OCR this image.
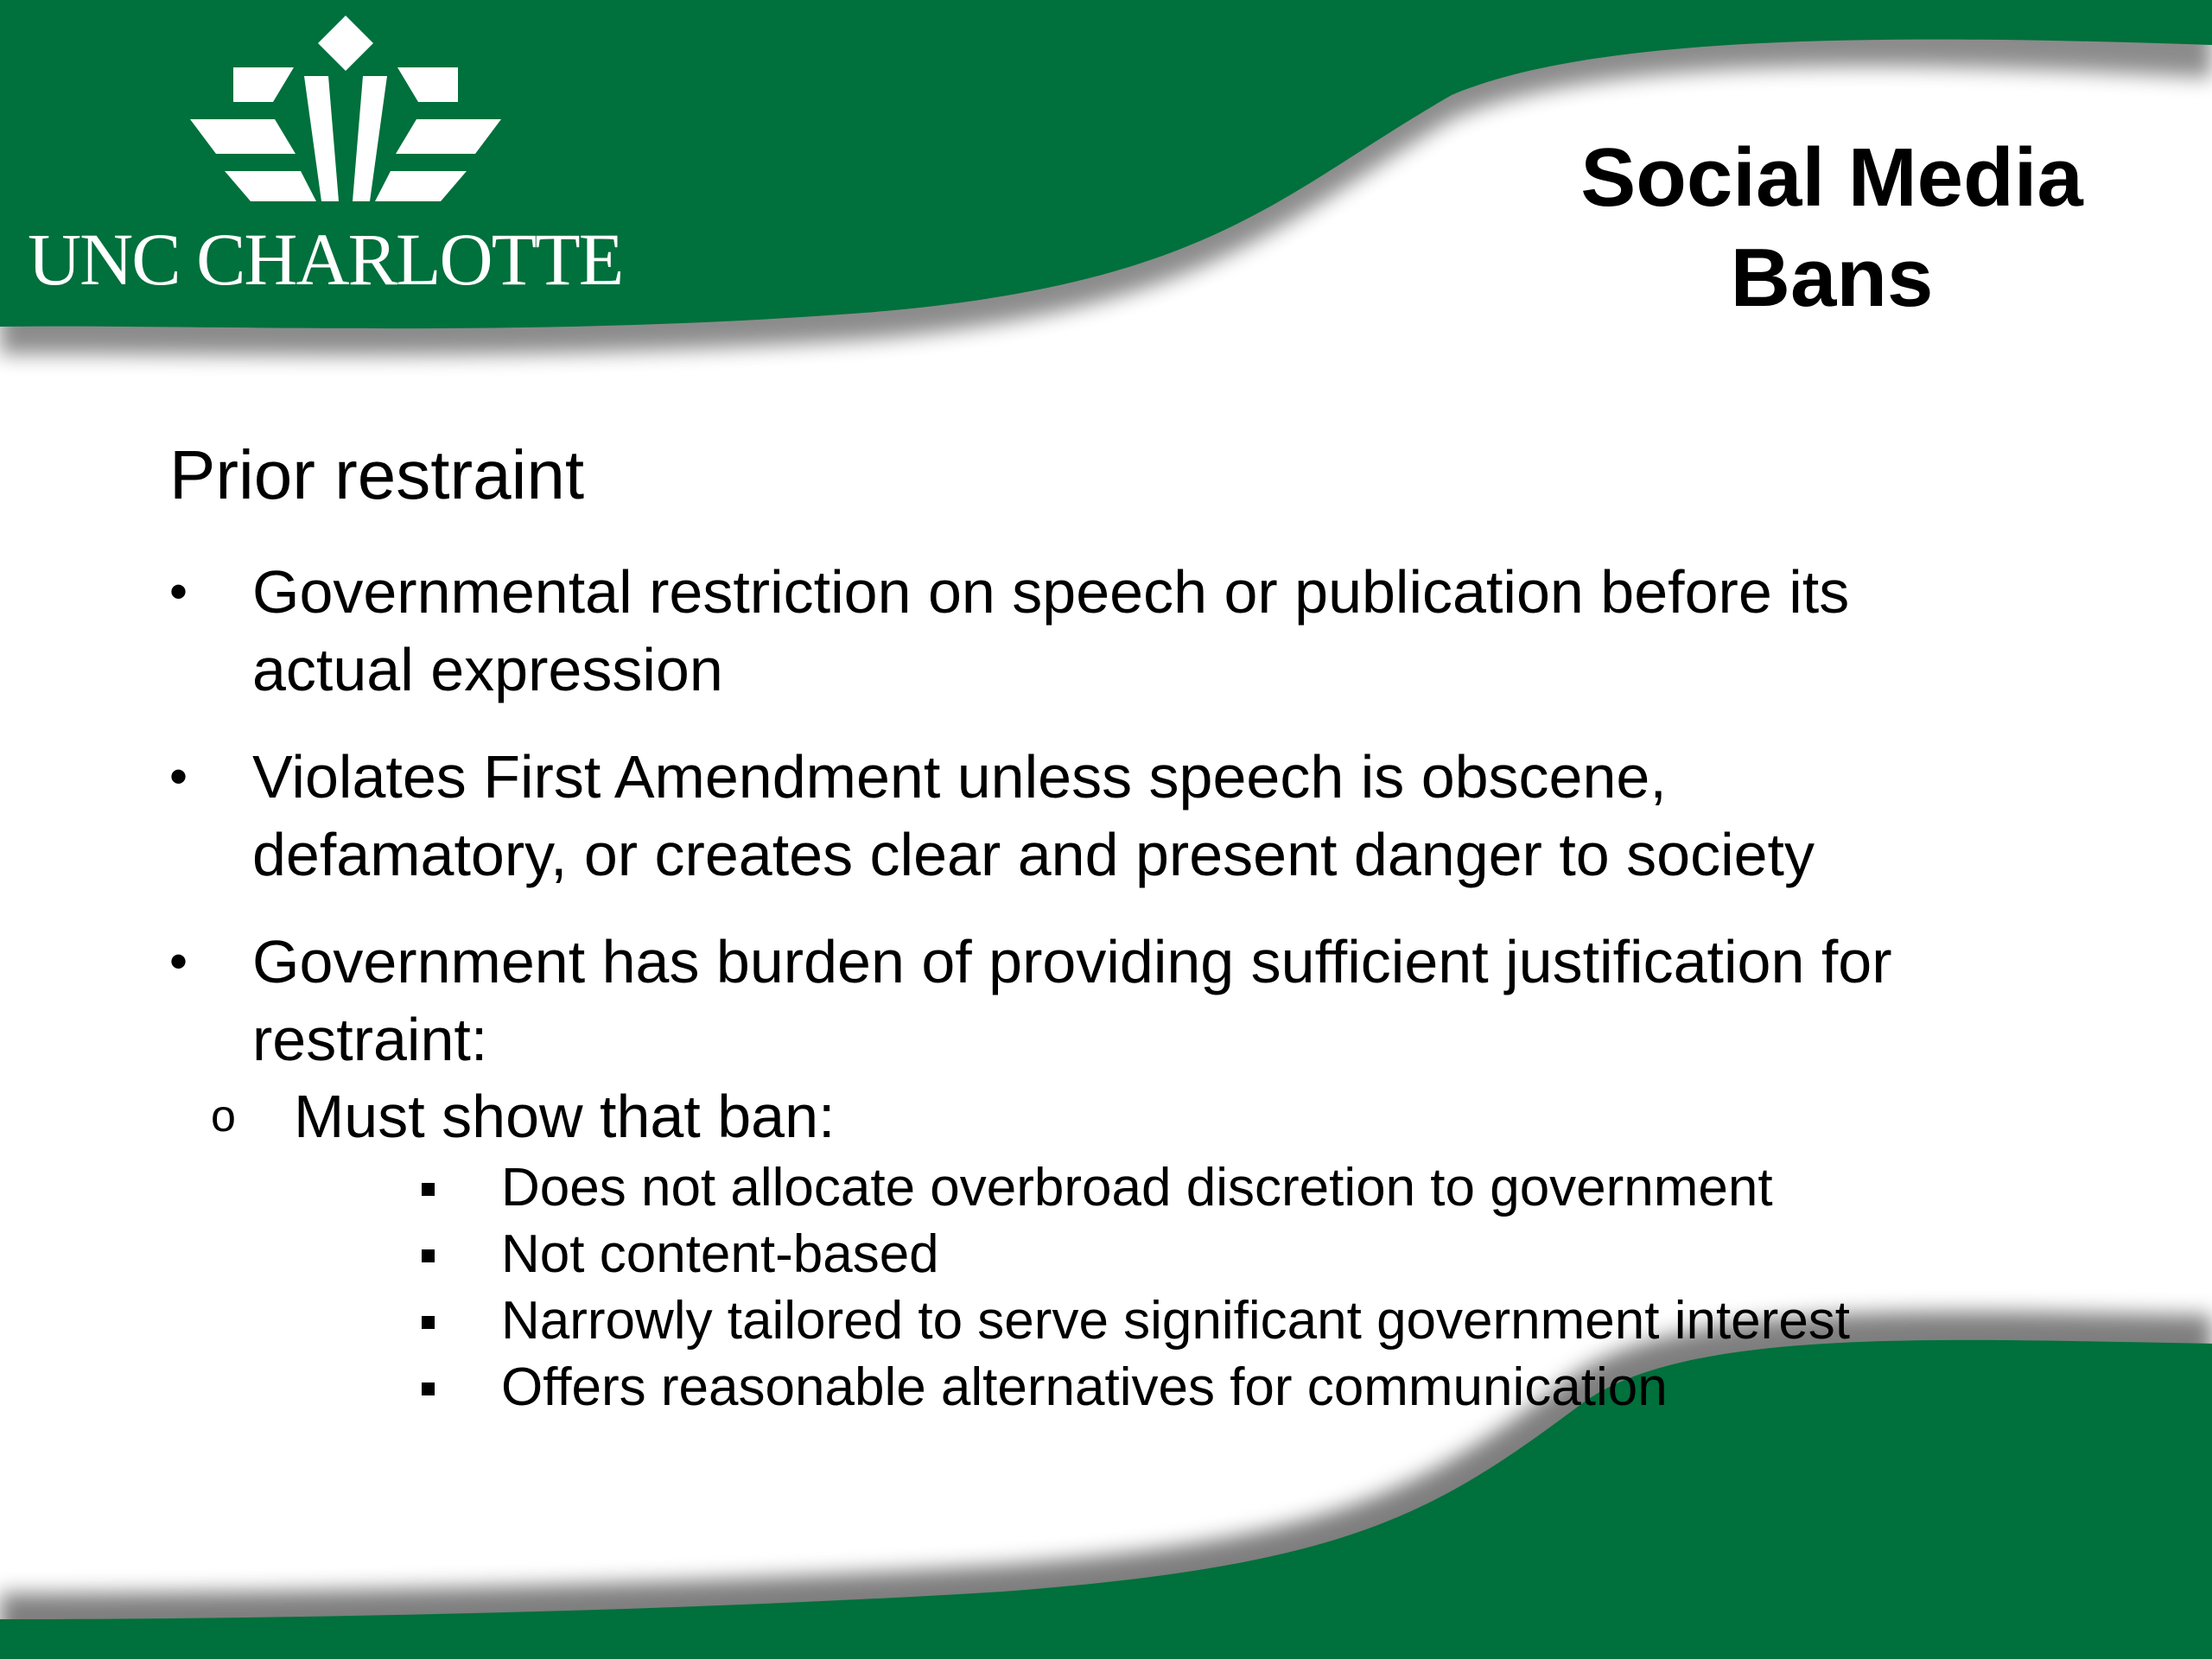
UNC CHARLOTTE
Social Media
Bans
Prior restraint
• Governmental restriction on speech or publication before its
actual expression
• Violates First Amendment unless speech is obscene,
defamatory, or creates clear and present danger to society
• Government has burden of providing sufficient justification for
restraint:
o Must show that ban:
Does not allocate overbroad discretion to government
Not content-based
Narrowly tailored to serve significant government interest
Offers reasonable alternatives for communication
